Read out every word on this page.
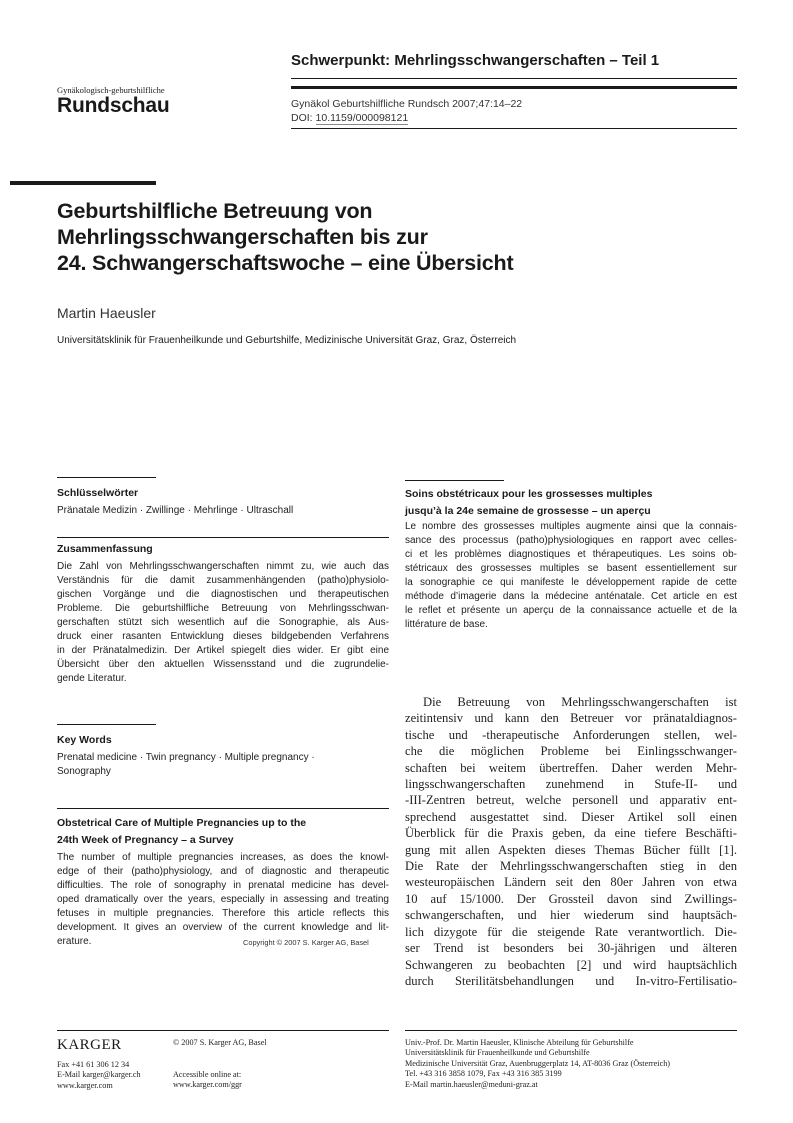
Gynäkologisch-geburtshilfliche
Rundschau
Schwerpunkt: Mehrlingsschwangerschaften – Teil 1
Gynäkol Geburtshilfliche Rundsch 2007;47:14–22
DOI: 10.1159/000098121
Geburtshilfliche Betreuung von
Mehrlingsschwangerschaften bis zur
24. Schwangerschaftswoche – eine Übersicht
Martin Haeusler
Universitätsklinik für Frauenheilkunde und Geburtshilfe, Medizinische Universität Graz, Graz, Österreich
Schlüsselwörter
Pränatale Medizin · Zwillinge · Mehrlinge · Ultraschall
Zusammenfassung
Die Zahl von Mehrlingsschwangerschaften nimmt zu, wie auch das
Verständnis für die damit zusammenhängenden (patho)physiolo-
gischen Vorgänge und die diagnostischen und therapeutischen
Probleme. Die geburtshilfliche Betreuung von Mehrlingsschwan-
gerschaften stützt sich wesentlich auf die Sonographie, als Aus-
druck einer rasanten Entwicklung dieses bildgebenden Verfahrens
in der Pränatalmedizin. Der Artikel spiegelt dies wider. Er gibt eine
Übersicht über den aktuellen Wissensstand und die zugrundelie-
gende Literatur.
Key Words
Prenatal medicine · Twin pregnancy · Multiple pregnancy ·
Sonography
Obstetrical Care of Multiple Pregnancies up to the
24th Week of Pregnancy – a Survey
The number of multiple pregnancies increases, as does the knowl-
edge of their (patho)physiology, and of diagnostic and therapeutic
difficulties. The role of sonography in prenatal medicine has devel-
oped dramatically over the years, especially in assessing and treating
fetuses in multiple pregnancies. Therefore this article reflects this
development. It gives an overview of the current knowledge and lit-
erature.	Copyright © 2007 S. Karger AG, Basel
Soins obstétricaux pour les grossesses multiples
jusqu’à la 24e semaine de grossesse – un aperçu
Le nombre des grossesses multiples augmente ainsi que la connais-
sance des processus (patho)physiologiques en rapport avec celles-
ci et les problèmes diagnostiques et thérapeutiques. Les soins ob-
stétricaux des grossesses multiples se basent essentiellement sur
la sonographie ce qui manifeste le développement rapide de cette
méthode d’imagerie dans la médecine anténatale. Cet article en est
le reflet et présente un aperçu de la connaissance actuelle et de la
littérature de base.
Die Betreuung von Mehrlingsschwangerschaften ist
zeitintensiv und kann den Betreuer vor pränataldiagnos-
tische und -therapeutische Anforderungen stellen, wel-
che die möglichen Probleme bei Einlingsschwanger-
schaften bei weitem übertreffen. Daher werden Mehr-
lingsschwangerschaften zunehmend in Stufe-II- und
-III-Zentren betreut, welche personell und apparativ ent-
sprechend ausgestattet sind. Dieser Artikel soll einen
Überblick für die Praxis geben, da eine tiefere Beschäfti-
gung mit allen Aspekten dieses Themas Bücher füllt [1].
Die Rate der Mehrlingsschwangerschaften stieg in den
westeuropäischen Ländern seit den 80er Jahren von etwa
10 auf 15/1000. Der Grossteil davon sind Zwillings-
schwangerschaften, und hier wiederum sind hauptsäch-
lich dizygote für die steigende Rate verantwortlich. Die-
ser Trend ist besonders bei 30-jährigen und älteren
Schwangeren zu beobachten [2] und wird hauptsächlich
durch Sterilitätsbehandlungen und In-vitro-Fertilisatio-
KARGER
Fax +41 61 306 12 34
E-Mail karger@karger.ch
www.karger.com
© 2007 S. Karger AG, Basel
Accessible online at:
www.karger.com/ggr
Univ.-Prof. Dr. Martin Haeusler, Klinische Abteilung für Geburtshilfe
Universitätsklinik für Frauenheilkunde und Geburtshilfe
Medizinische Universität Graz, Auenbruggerplatz 14, AT-8036 Graz (Österreich)
Tel. +43 316 3858 1079, Fax +43 316 385 3199
E-Mail martin.haeusler@meduni-graz.at
